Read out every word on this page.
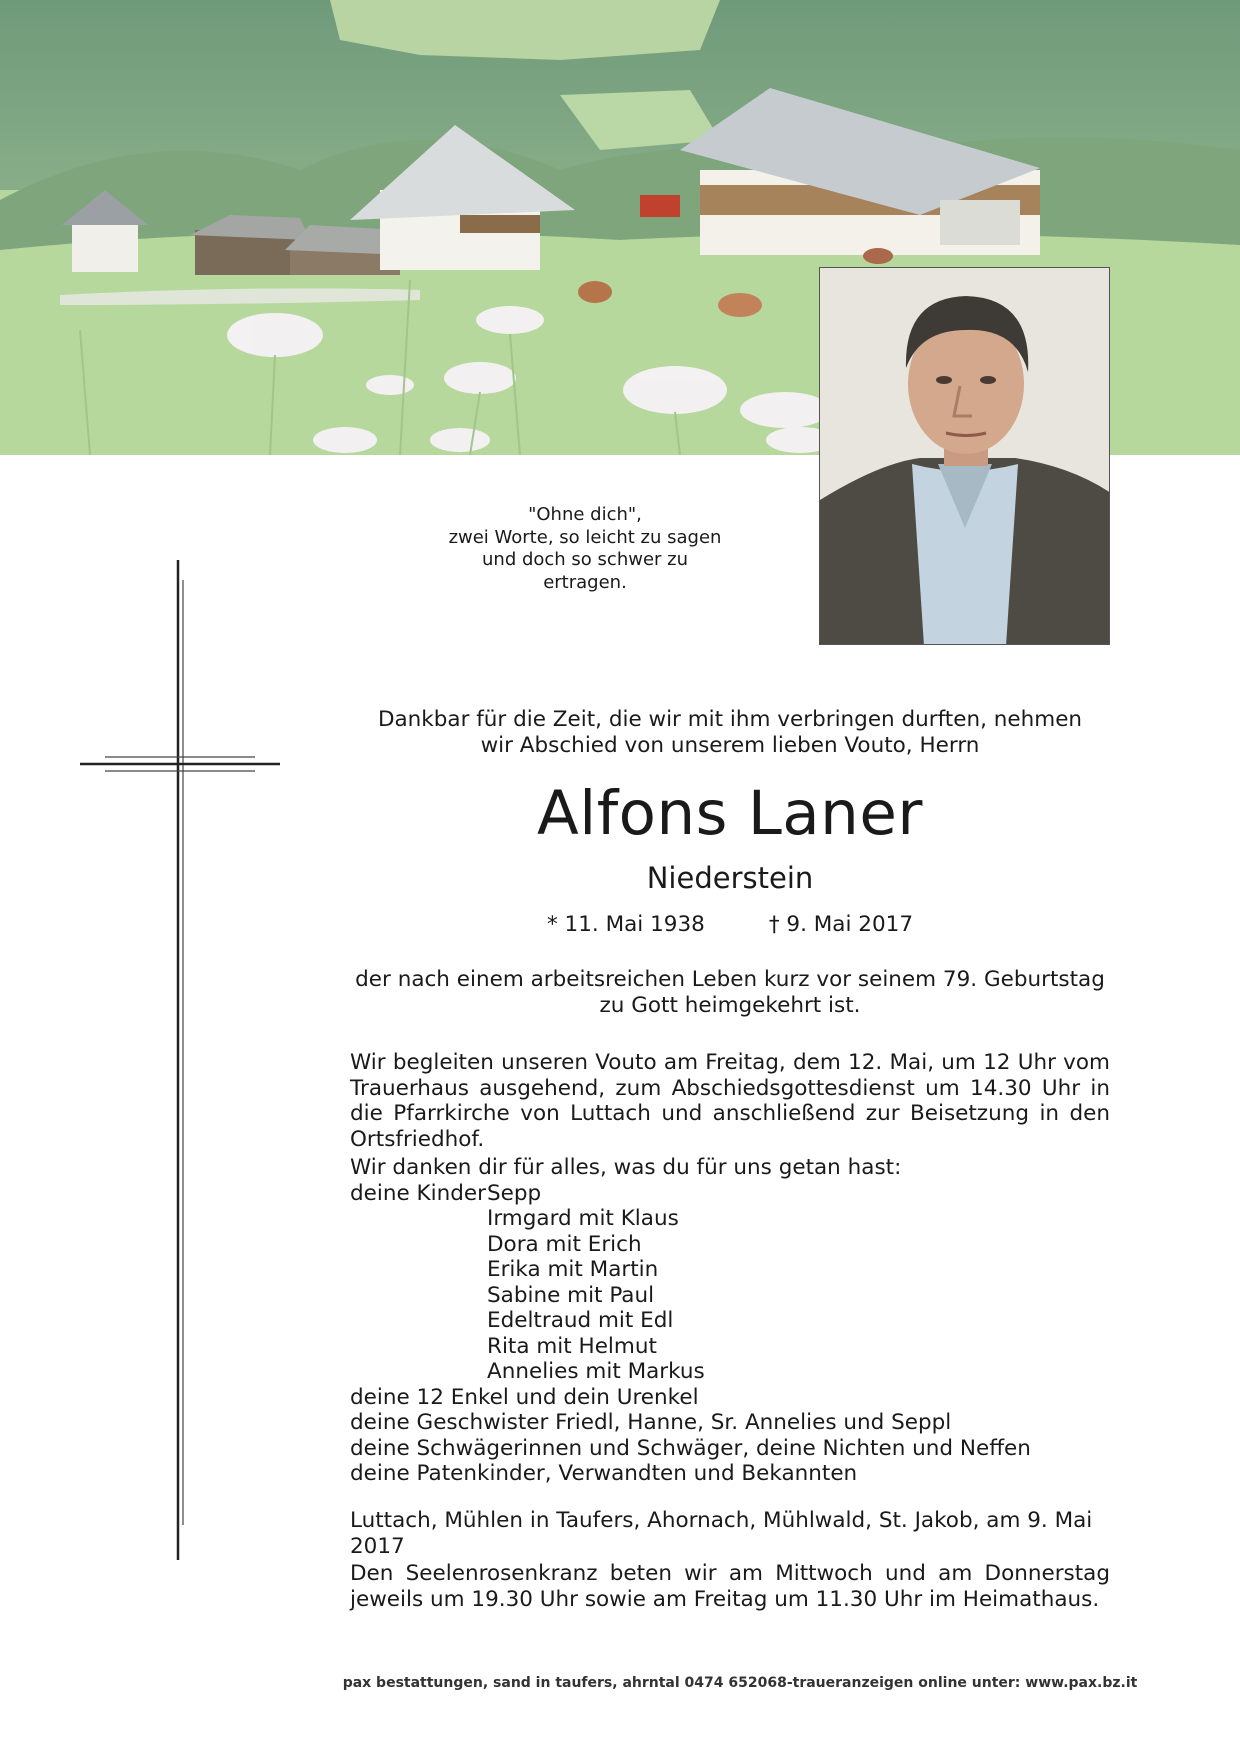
"Ohne dich",
zwei Worte, so leicht zu sagen
und doch so schwer zu
ertragen.
Dankbar für die Zeit, die wir mit ihm verbringen durften, nehmen
wir Abschied von unserem lieben Vouto, Herrn
Alfons Laner
Niederstein
* 11. Mai 1938	† 9. Mai 2017
der nach einem arbeitsreichen Leben kurz vor seinem 79. Geburtstag
zu Gott heimgekehrt ist.
Wir begleiten unseren Vouto am Freitag, dem 12. Mai, um 12 Uhr vom Trauerhaus ausgehend, zum Abschiedsgottesdienst um 14.30 Uhr in die Pfarrkirche von Luttach und anschließend zur Beisetzung in den Ortsfriedhof.
Wir danken dir für alles, was du für uns getan hast:
deine Kinder Sepp
Irmgard mit Klaus
Dora mit Erich
Erika mit Martin
Sabine mit Paul
Edeltraud mit Edl
Rita mit Helmut
Annelies mit Markus
deine 12 Enkel und dein Urenkel
deine Geschwister Friedl, Hanne, Sr. Annelies und Seppl
deine Schwägerinnen und Schwäger, deine Nichten und Neffen
deine Patenkinder, Verwandten und Bekannten
Luttach, Mühlen in Taufers, Ahornach, Mühlwald, St. Jakob, am 9. Mai 2017
Den Seelenrosenkranz beten wir am Mittwoch und am Donnerstag jeweils um 19.30 Uhr sowie am Freitag um 11.30 Uhr im Heimathaus.
pax bestattungen, sand in taufers, ahrntal 0474 652068-traueranzeigen online unter: www.pax.bz.it
